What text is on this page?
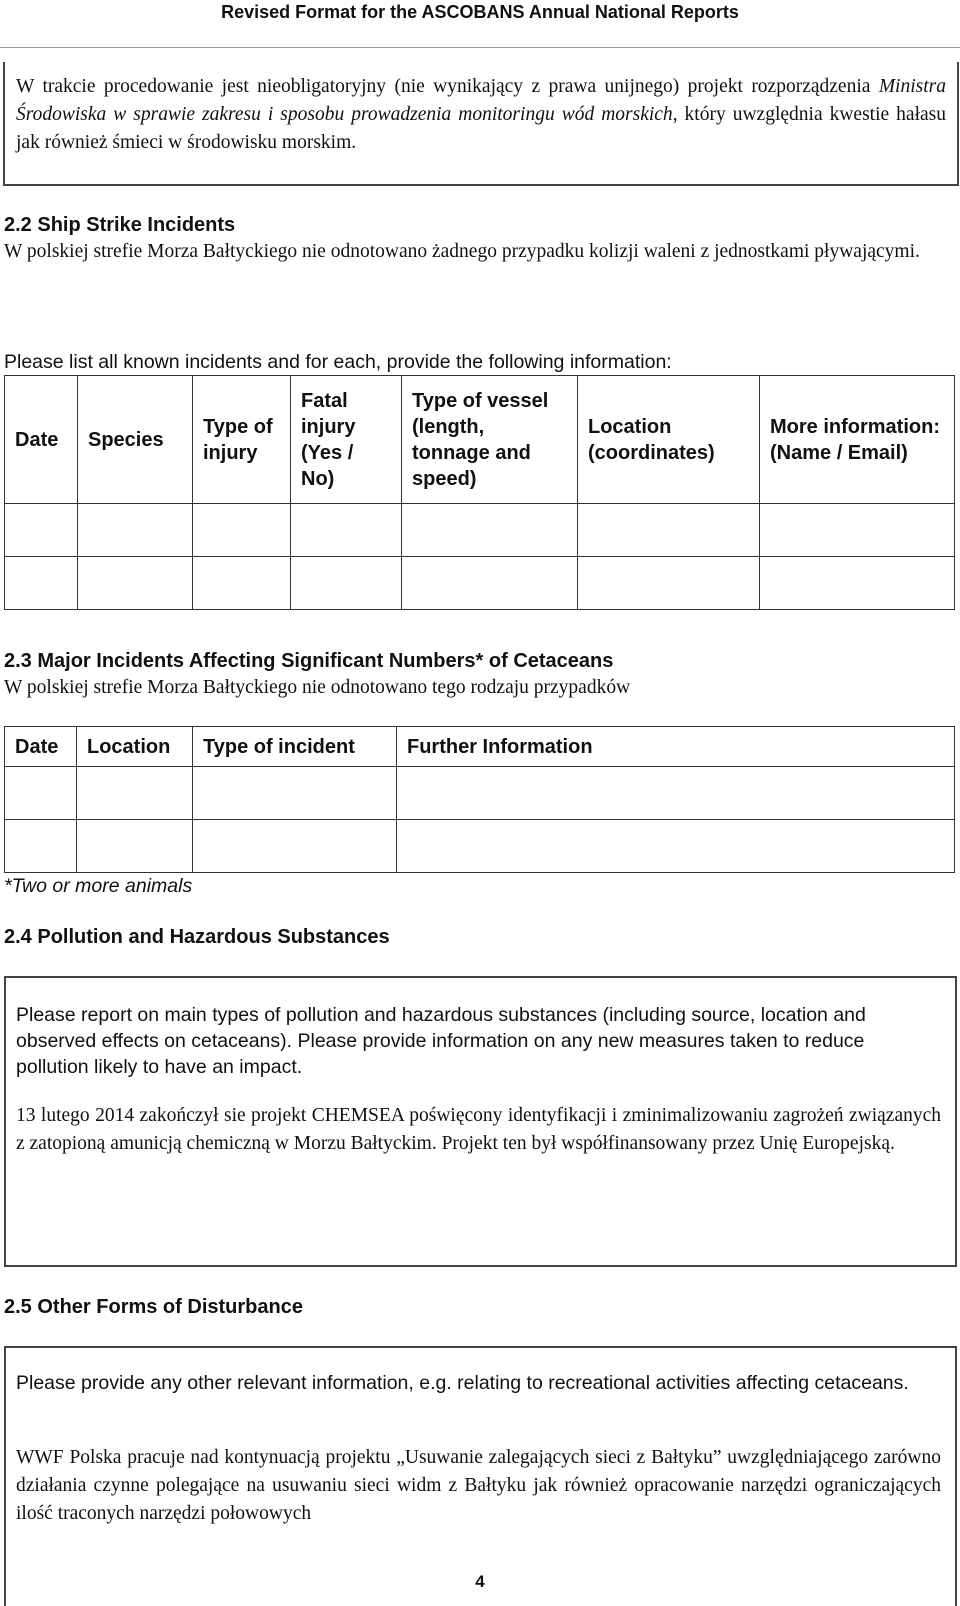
Revised Format for the ASCOBANS Annual National Reports
W trakcie procedowanie jest nieobligatoryjny (nie wynikający z prawa unijnego) projekt rozporządzenia Ministra Środowiska w sprawie zakresu i sposobu prowadzenia monitoringu wód morskich, który uwzględnia kwestie hałasu jak również śmieci w środowisku morskim.
2.2 Ship Strike Incidents
W polskiej strefie Morza Bałtyckiego nie odnotowano żadnego przypadku kolizji waleni z jednostkami pływającymi.
Please list all known incidents and for each, provide the following information:
Date	Species	Type of injury	Fatal injury (Yes / No)	Type of vessel (length, tonnage and speed)	Location (coordinates)	More information: (Name / Email)

2.3 Major Incidents Affecting Significant Numbers* of Cetaceans
W polskiej strefie Morza Bałtyckiego nie odnotowano tego rodzaju przypadków
Date	Location	Type of incident	Further Information

*Two or more animals
2.4 Pollution and Hazardous Substances
Please report on main types of pollution and hazardous substances (including source, location and observed effects on cetaceans). Please provide information on any new measures taken to reduce pollution likely to have an impact.
13 lutego 2014 zakończył sie projekt CHEMSEA poświęcony identyfikacji i zminimalizowaniu zagrożeń związanych z zatopioną amunicją chemiczną w Morzu Bałtyckim. Projekt ten był współfinansowany przez Unię Europejską.
2.5 Other Forms of Disturbance
Please provide any other relevant information, e.g. relating to recreational activities affecting cetaceans.
WWF Polska pracuje nad kontynuacją projektu „Usuwanie zalegających sieci z Bałtyku” uwzględniającego zarówno działania czynne polegające na usuwaniu sieci widm z Bałtyku jak również opracowanie narzędzi ograniczających ilość traconych narzędzi połowowych
4
